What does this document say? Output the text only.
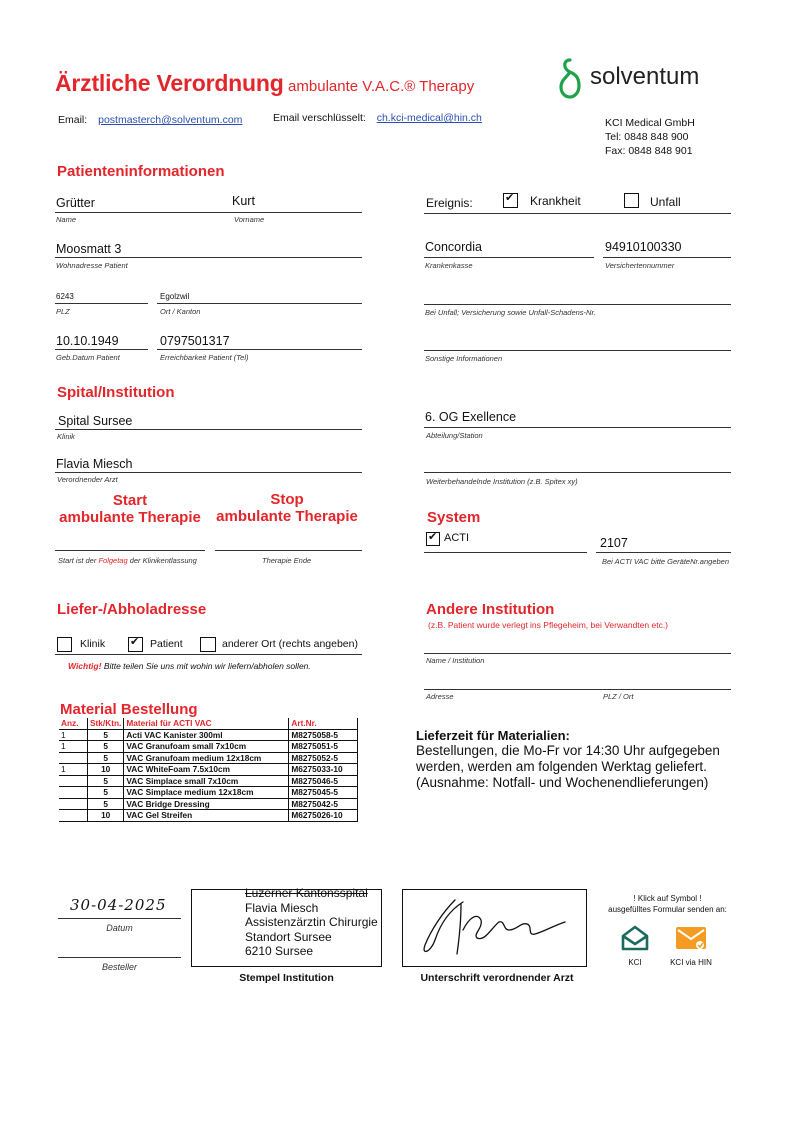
Ärztliche Verordnung ambulante V.A.C.® Therapy	solventum
Email: postmasterch@solventum.com	Email verschlüsselt: ch.kci-medical@hin.ch	KCI Medical GmbH
Tel: 0848 848 900
Fax: 0848 848 901
Patienteninformationen
Grütter	Kurt
Name	Vorname
Moosmatt 3
Wohnadresse Patient
6243	Egolzwil
PLZ	Ort / Kanton
10.10.1949	0797501317
Geb.Datum Patient	Erreichbarkeit Patient (Tel)
Ereignis: ✔	Krankheit	Unfall
Concordia	94910100330
Krankenkasse	Versichertennummer
Bei Unfall; Versicherung sowie Unfall-Schadens-Nr.
Sonstige Informationen
Spital/Institution
Spital Sursee
Klinik
Flavia Miesch
Verordnender Arzt
6. OG Exellence
Abteilung/Station
Weiterbehandelnde Institution (z.B. Spitex xy)
Start
ambulante Therapie
Stop
ambulante Therapie
Start ist der Folgetag der Klinikentlassung	Therapie Ende
System
✔
ACTI	2107
Bei ACTI VAC bitte GeräteNr.angeben
Liefer-/Abholadresse
Klinik ✔	Patient	anderer Ort (rechts angeben)
Wichtig! Bitte teilen Sie uns mit wohin wir liefern/abholen sollen.
Andere Institution
(z.B. Patient wurde verlegt ins Pflegeheim, bei Verwandten etc.)
Name / Institution
Adresse	PLZ / Ort
Material Bestellung
Anz.	Stk/Ktn.	Material für ACTI VAC	Art.Nr.
1	5	Acti VAC Kanister 300ml	M8275058-5
1	5	VAC Granufoam small 7x10cm	M8275051-5
	5	VAC Granufoam medium 12x18cm	M8275052-5
1	10	VAC WhiteFoam 7.5x10cm	M6275033-10
	5	VAC Simplace small 7x10cm	M8275046-5
	5	VAC Simplace medium 12x18cm	M8275045-5
	5	VAC Bridge Dressing	M8275042-5
	10	VAC Gel Streifen	M6275026-10
Lieferzeit für Materialien:
Bestellungen, die Mo-Fr vor 14:30 Uhr aufgegeben
werden, werden am folgenden Werktag geliefert.
(Ausnahme: Notfall- und Wochenendlieferungen)
30-04-2025
Datum
Besteller
Luzerner Kantonsspital
Flavia Miesch
Assistenzärztin Chirurgie
Standort Sursee
6210 Sursee
Stempel Institution	Unterschrift verordnender Arzt
! Klick auf Symbol !
ausgefülltes Formular senden an:
KCI	KCI via HIN
